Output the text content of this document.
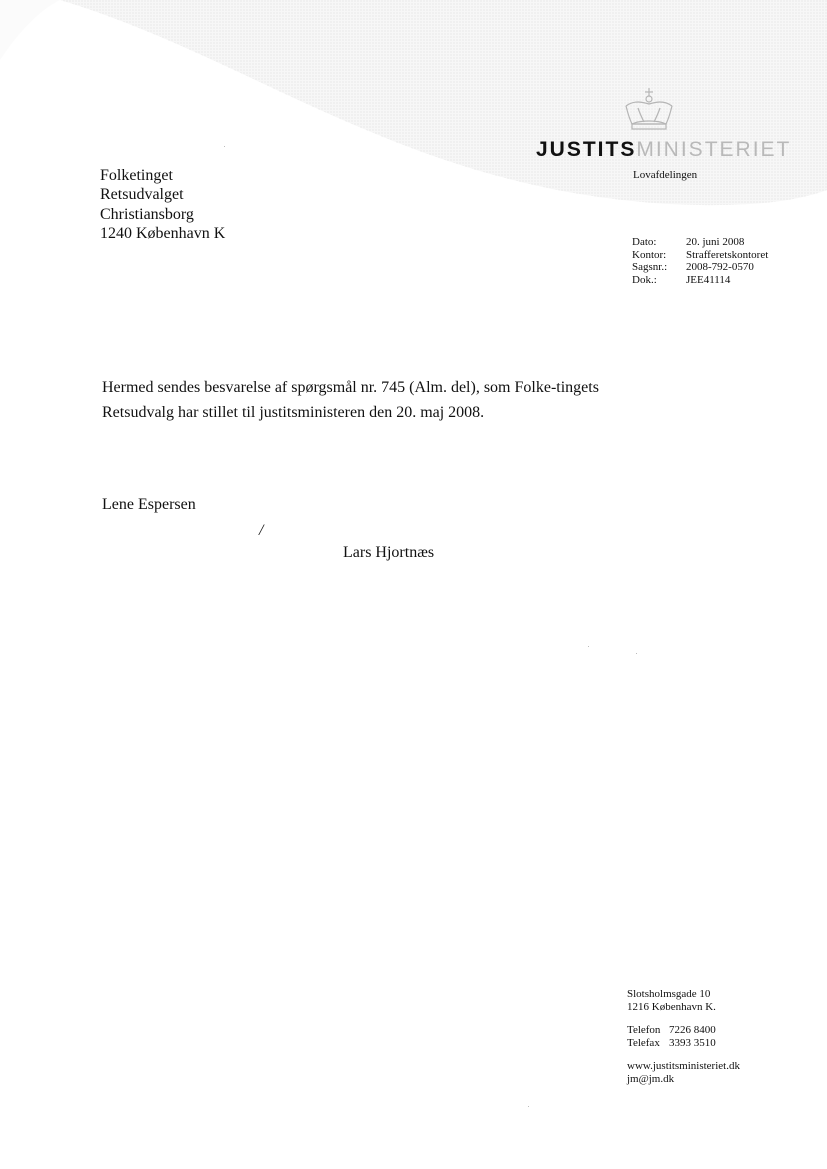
JUSTITSMINISTERIET
Lovafdelingen
Folketinget
Retsudvalget
Christiansborg
1240 København K	Dato:	20. juni 2008
Kontor:	Strafferetskontoret
Sagsnr.:	2008-792-0570
Dok.:	JEE41114
Hermed sendes besvarelse af spørgsmål nr. 745 (Alm. del), som Folke-tingets Retsudvalg har stillet til justitsministeren den 20. maj 2008.
Lene Espersen
/
Lars Hjortnæs
Slotsholmsgade 10
1216 København K.
Telefon 7226 8400
Telefax 3393 3510
www.justitsministeriet.dk
jm@jm.dk
